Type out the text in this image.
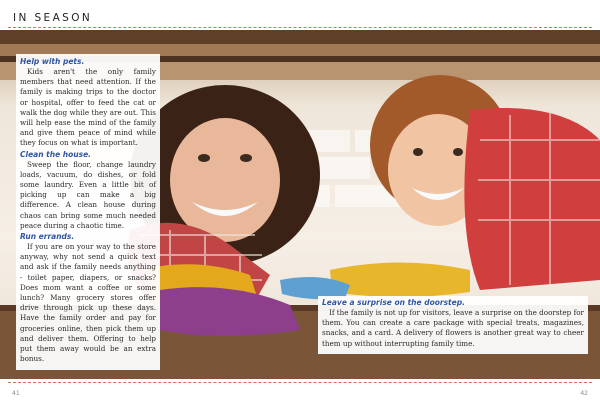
IN SEASON
Help with pets.

Kids aren't the only family members that need attention. If the family is making trips to the doctor or hospital, offer to feed the cat or walk the dog while they are out. This will help ease the mind of the family and give them peace of mind while they focus on what is important.

Clean the house.

Sweep the floor, change laundry loads, vacuum, do dishes, or fold some laundry. Even a little bit of picking up can make a big difference. A clean house during chaos can bring some much needed peace during a chaotic time.

Run errands.

If you are on your way to the store anyway, why not send a quick text and ask if the family needs anything - toilet paper, diapers, or snacks? Does mom want a coffee or some lunch? Many grocery stores offer drive through pick up these days. Have the family order and pay for groceries online, then pick them up and deliver them. Offering to help put them away would be an extra bonus.

Leave a surprise on the doorstep.

If the family is not up for visitors, leave a surprise on the doorstep for them. You can create a care package with special treats, magazines, snacks, and a card. A delivery of flowers is another great way to cheer them up without interrupting family time.

41	42
